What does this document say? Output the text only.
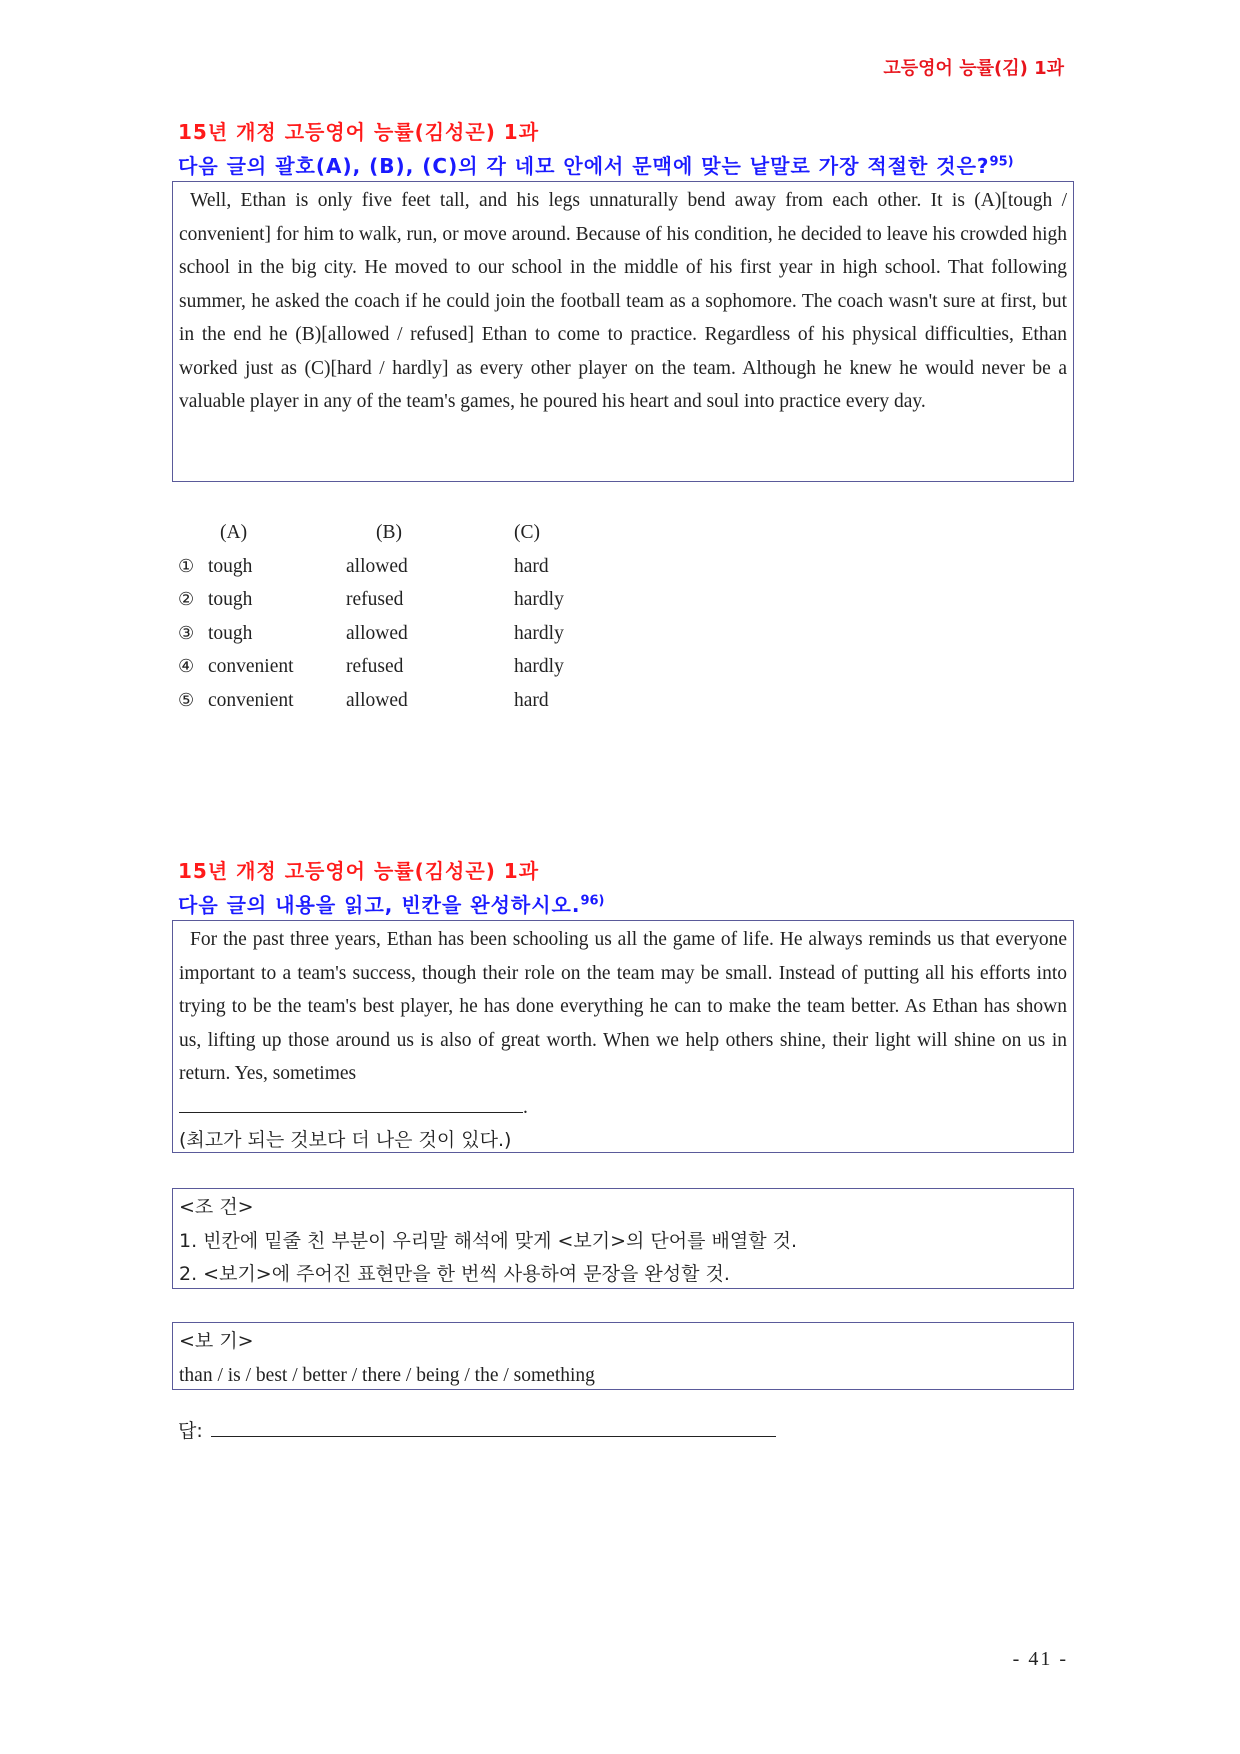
고등영어 능률(김) 1과
15년 개정 고등영어 능률(김성곤) 1과
다음 글의 괄호(A), (B), (C)의 각 네모 안에서 문맥에 맞는 낱말로 가장 적절한 것은?$^{95)}$
Well, Ethan is only five feet tall, and his legs unnaturally bend away from each other. It is (A)[tough / convenient] for him to walk, run, or move around. Because of his condition, he decided to leave his crowded high school in the big city. He moved to our school in the middle of his first year in high school. That following summer, he asked the coach if he could join the football team as a sophomore. The coach wasn't sure at first, but in the end he (B)[allowed / refused] Ethan to come to practice. Regardless of his physical difficulties, Ethan worked just as (C)[hard / hardly] as every other player on the team. Although he knew he would never be a valuable player in any of the team's games, he poured his heart and soul into practice every day.
(A)	(B)	(C)
① tough	allowed	hard
② tough	refused	hardly
③ tough	allowed	hardly
④ convenient	refused	hardly
⑤ convenient	allowed	hard
15년 개정 고등영어 능률(김성곤) 1과
다음 글의 내용을 읽고, 빈칸을 완성하시오.$^{96)}$
For the past three years, Ethan has been schooling us all the game of life. He always reminds us that everyone important to a team's success, though their role on the team may be small. Instead of putting all his efforts into trying to be the team's best player, he has done everything he can to make the team better. As Ethan has shown us, lifting up those around us is also of great worth. When we help others shine, their light will shine on us in return. Yes, sometimes
.
(최고가 되는 것보다 더 나은 것이 있다.)
<조 건>
1. 빈칸에 밑줄 친 부분이 우리말 해석에 맞게 <보기>의 단어를 배열할 것.
2. <보기>에 주어진 표현만을 한 번씩 사용하여 문장을 완성할 것.
<보 기>
than / is / best / better / there / being / the / something
답:
- 41 -
